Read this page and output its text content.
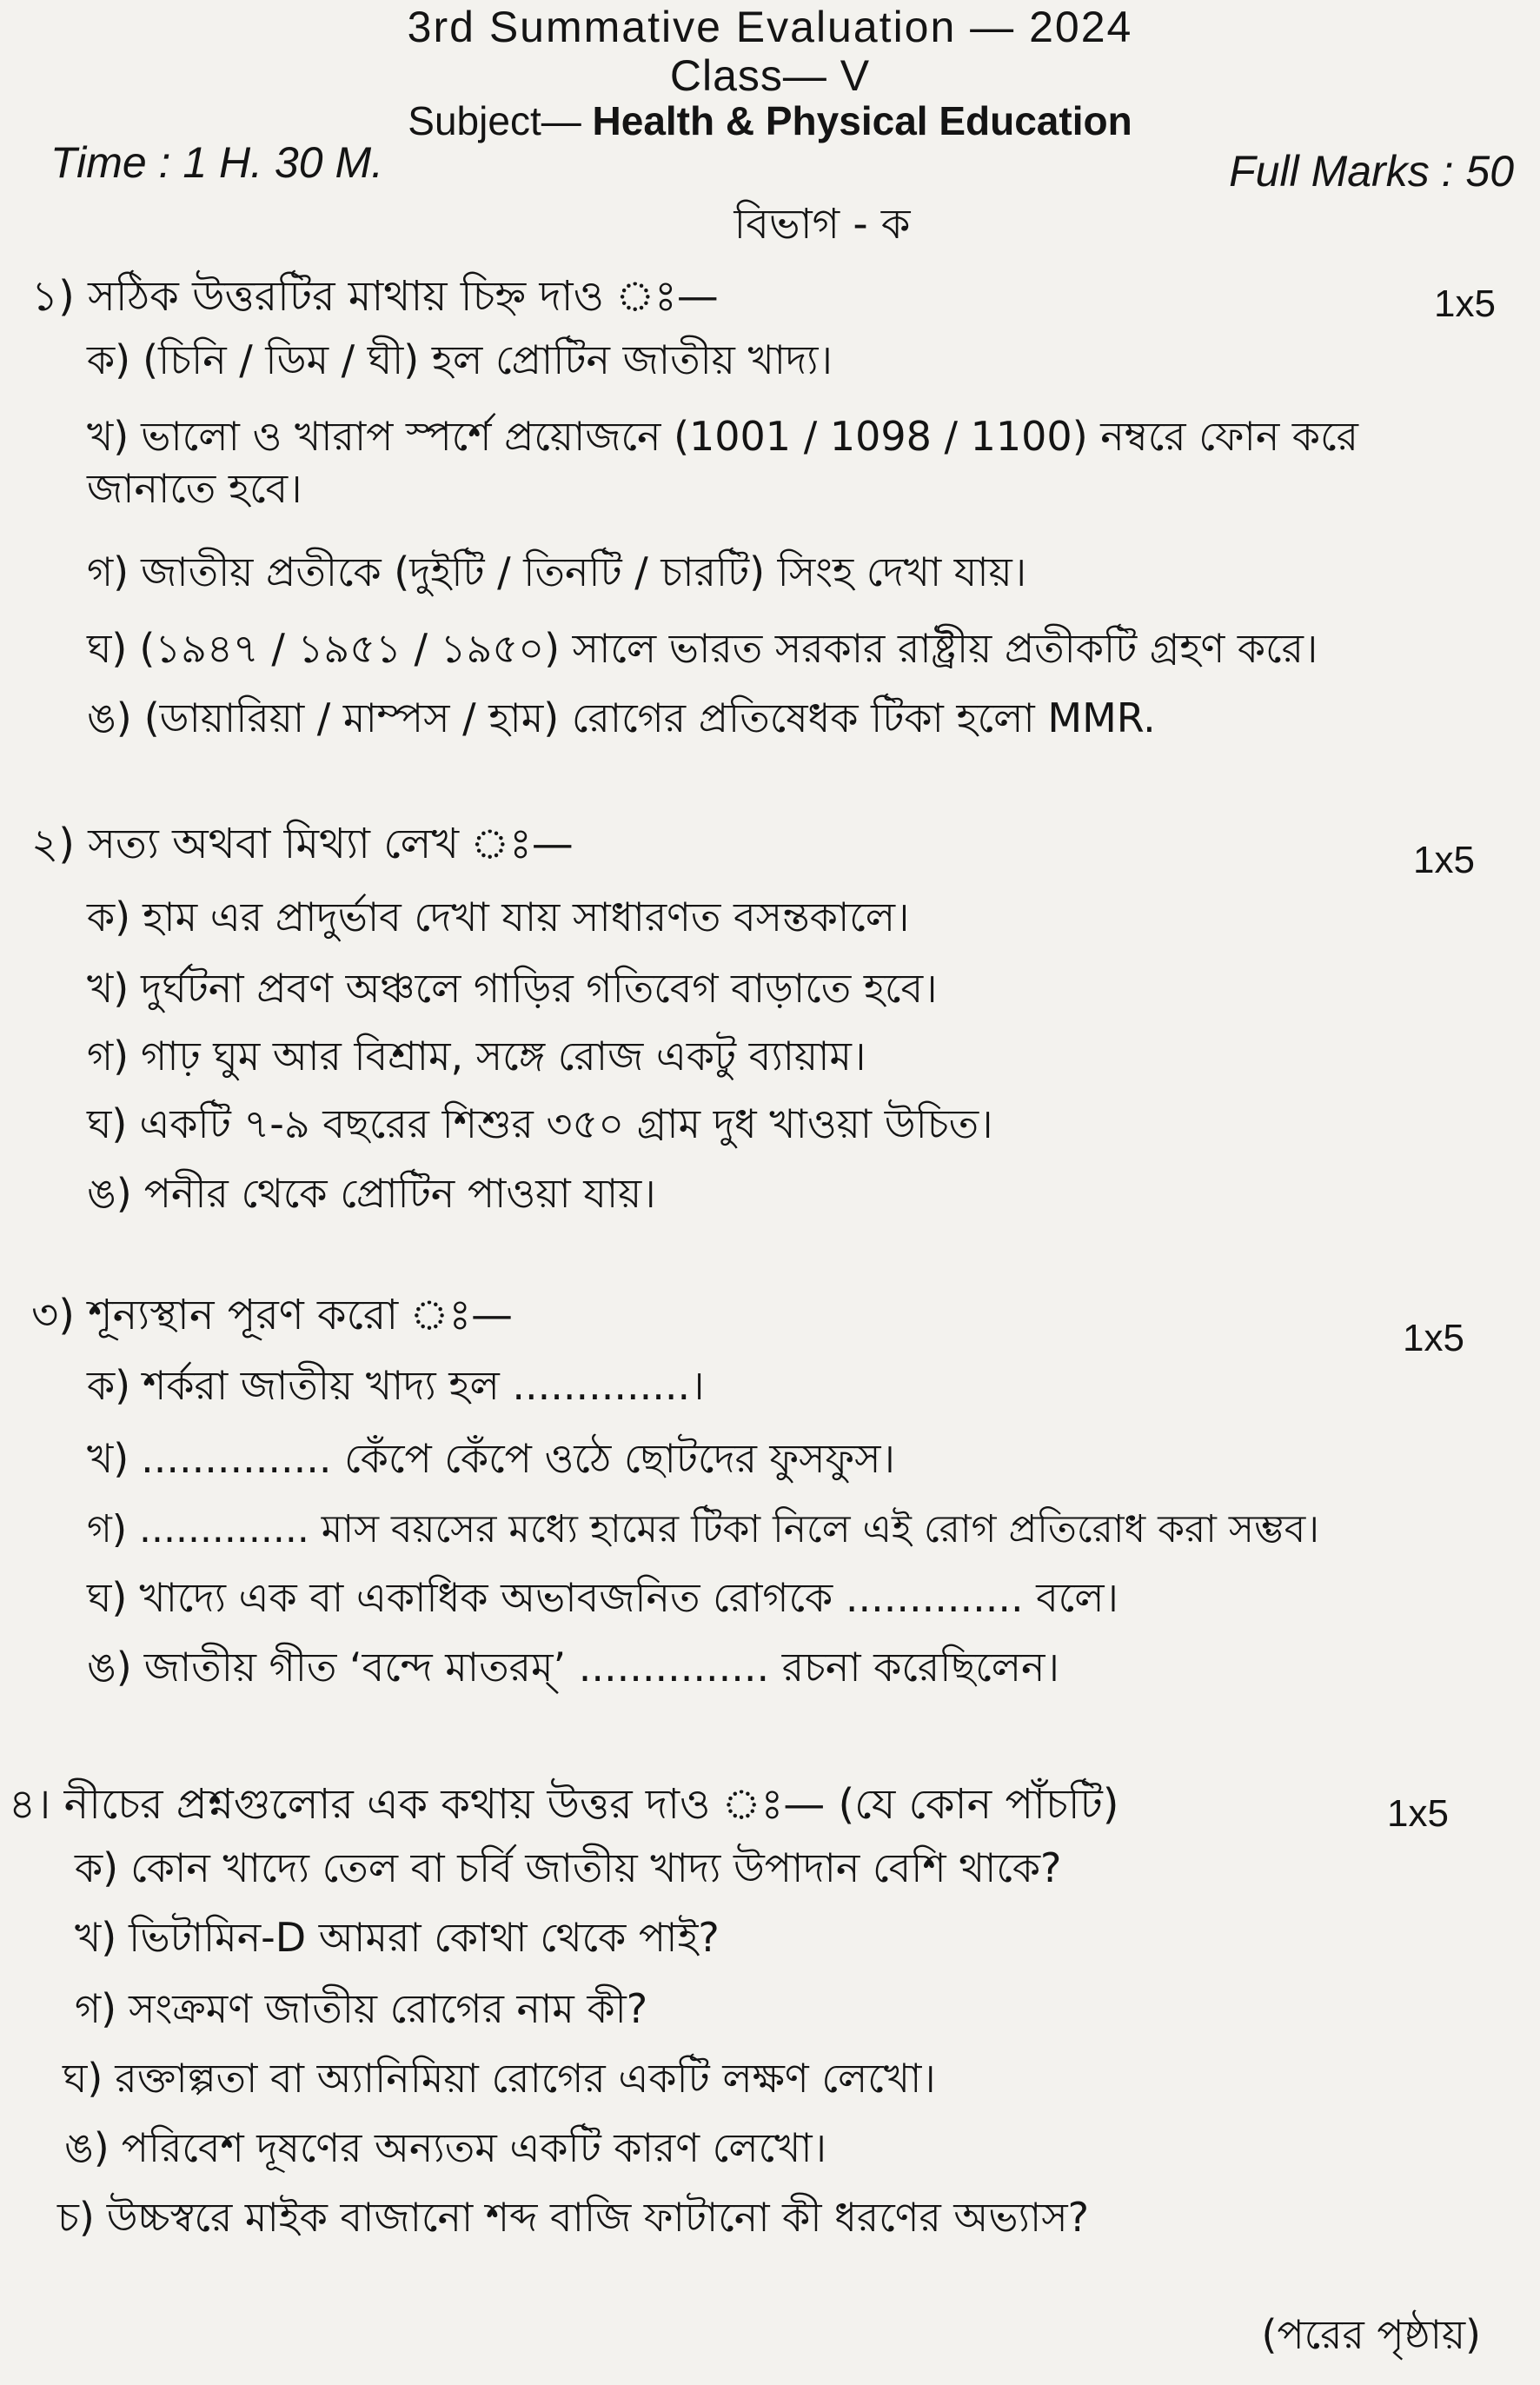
3rd Summative Evaluation — 2024
Class— V
Subject— Health & Physical Education
Time : 1 H. 30 M.	Full Marks : 50
বিভাগ - ক
১) সঠিক উত্তরটির মাথায় চিহ্ন দাও ঃ—	1x5
ক) (চিনি / ডিম / ঘী) হল প্রোটিন জাতীয় খাদ্য।
খ) ভালো ও খারাপ স্পর্শে প্রয়োজনে (1001 / 1098 / 1100) নম্বরে ফোন করে জানাতে হবে।
গ) জাতীয় প্রতীকে (দুইটি / তিনটি / চারটি) সিংহ দেখা যায়।
ঘ) (১৯৪৭ / ১৯৫১ / ১৯৫০) সালে ভারত সরকার রাষ্ট্রীয় প্রতীকটি গ্রহণ করে।
ঙ) (ডায়ারিয়া / মাম্পস / হাম) রোগের প্রতিষেধক টিকা হলো MMR.
২) সত্য অথবা মিথ্যা লেখ ঃ—	1x5
ক) হাম এর প্রাদুর্ভাব দেখা যায় সাধারণত বসন্তকালে।
খ) দুর্ঘটনা প্রবণ অঞ্চলে গাড়ির গতিবেগ বাড়াতে হবে।
গ) গাঢ় ঘুম আর বিশ্রাম, সঙ্গে রোজ একটু ব্যায়াম।
ঘ) একটি ৭-৯ বছরের শিশুর ৩৫০ গ্রাম দুধ খাওয়া উচিত।
ঙ) পনীর থেকে প্রোটিন পাওয়া যায়।
৩) শূন্যস্থান পূরণ করো ঃ—	1x5
ক) শর্করা জাতীয় খাদ্য হল ..............।
খ) ............... কেঁপে কেঁপে ওঠে ছোটদের ফুসফুস।
গ) .............. মাস বয়সের মধ্যে হামের টিকা নিলে এই রোগ প্রতিরোধ করা সম্ভব।
ঘ) খাদ্যে এক বা একাধিক অভাবজনিত রোগকে .............. বলে।
ঙ) জাতীয় গীত ‘বন্দে মাতরম্’ ............... রচনা করেছিলেন।
৪। নীচের প্রশ্নগুলোর এক কথায় উত্তর দাও ঃ— (যে কোন পাঁচটি)	1x5
ক) কোন খাদ্যে তেল বা চর্বি জাতীয় খাদ্য উপাদান বেশি থাকে?
খ) ভিটামিন-D আমরা কোথা থেকে পাই?
গ) সংক্রমণ জাতীয় রোগের নাম কী?
ঘ) রক্তাল্পতা বা অ্যানিমিয়া রোগের একটি লক্ষণ লেখো।
ঙ) পরিবেশ দূষণের অন্যতম একটি কারণ লেখো।
চ) উচ্চস্বরে মাইক বাজানো শব্দ বাজি ফাটানো কী ধরণের অভ্যাস?
(পরের পৃষ্ঠায়)
